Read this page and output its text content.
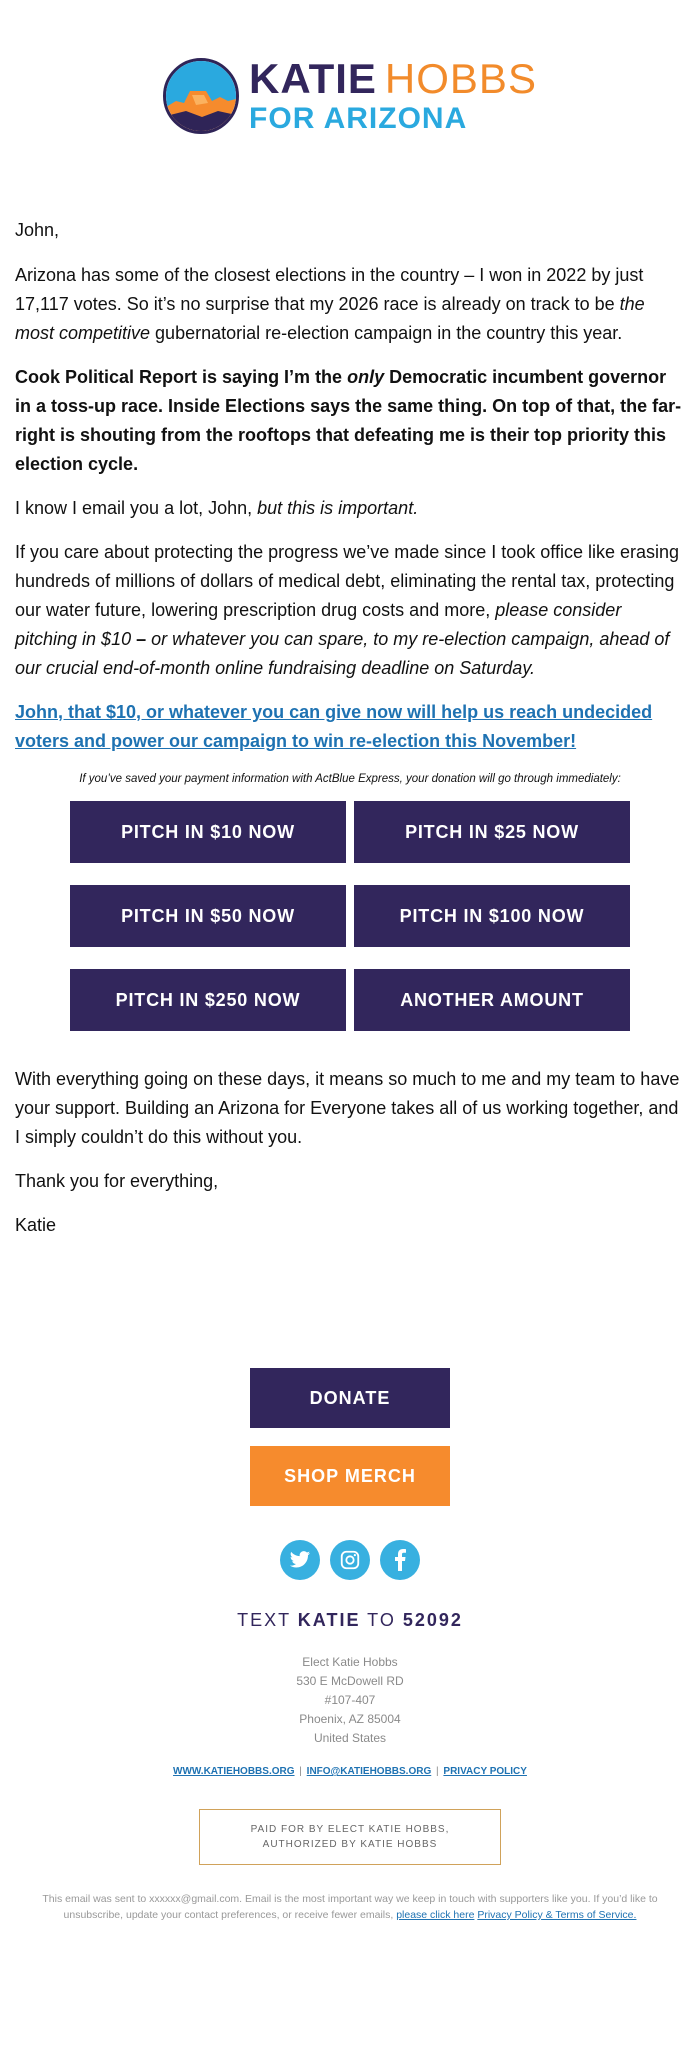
KATIE HOBBS
FOR ARIZONA

John,

Arizona has some of the closest elections in the country – I won in 2022 by just 17,117 votes. So it’s no surprise that my 2026 race is already on track to be the most competitive gubernatorial re-election campaign in the country this year.

Cook Political Report is saying I’m the only Democratic incumbent governor in a toss-up race. Inside Elections says the same thing. On top of that, the far-right is shouting from the rooftops that defeating me is their top priority this election cycle.

I know I email you a lot, John, but this is important.

If you care about protecting the progress we’ve made since I took office like erasing hundreds of millions of dollars of medical debt, eliminating the rental tax, protecting our water future, lowering prescription drug costs and more, please consider pitching in $10 – or whatever you can spare, to my re-election campaign, ahead of our crucial end-of-month online fundraising deadline on Saturday.

John, that $10, or whatever you can give now will help us reach undecided voters and power our campaign to win re-election this November!

If you’ve saved your payment information with ActBlue Express, your donation will go through immediately:
PITCH IN $10 NOW	PITCH IN $25 NOW
PITCH IN $50 NOW	PITCH IN $100 NOW
PITCH IN $250 NOW	ANOTHER AMOUNT

With everything going on these days, it means so much to me and my team to have your support. Building an Arizona for Everyone takes all of us working together, and I simply couldn’t do this without you.

Thank you for everything,

Katie

DONATE
SHOP MERCH
TEXT KATIE TO 52092
Elect Katie Hobbs
530 E McDowell RD
#107-407
Phoenix, AZ 85004
United States
WWW.KATIEHOBBS.ORG | INFO@KATIEHOBBS.ORG | PRIVACY POLICY
PAID FOR BY ELECT KATIE HOBBS,
AUTHORIZED BY KATIE HOBBS
This email was sent to xxxxxx@gmail.com. Email is the most important way we keep in touch with supporters like you. If you’d like to unsubscribe, update your contact preferences, or receive fewer emails, please click here Privacy Policy & Terms of Service.
